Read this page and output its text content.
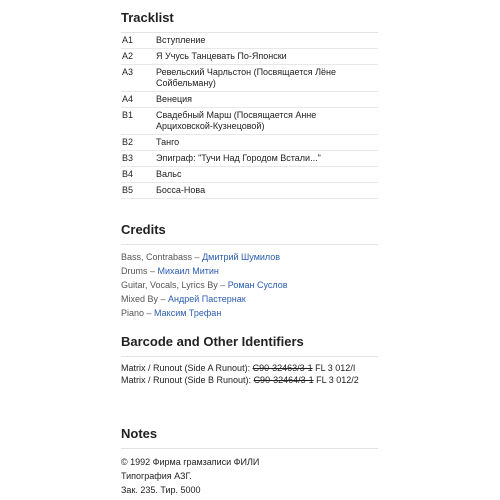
Tracklist
A1	Вступление
A2	Я Учусь Танцевать По-Японски
A3	Ревельский Чарльстон (Посвящается Лёне Сойбельману)
A4	Венеция
B1	Свадебный Марш (Посвящается Анне Арциховской-Кузнецовой)
B2	Танго
B3	Эпиграф: "Тучи Над Городом Встали..."
B4	Вальс
B5	Босса-Нова
Credits
Bass, Contrabass – Дмитрий Шумилов
Drums – Михаил Митин
Guitar, Vocals, Lyrics By – Роман Суслов
Mixed By – Андрей Пастернак
Piano – Максим Трефан
Barcode and Other Identifiers
Matrix / Runout (Side A Runout): C90-32463/3-1 FL 3 012/I
Matrix / Runout (Side B Runout): C90-32464/3-1 FL 3 012/2
Notes
© 1992 Фирма грамзаписи ФИЛИ
Типография АЗГ.
Зак. 235. Тир. 5000
